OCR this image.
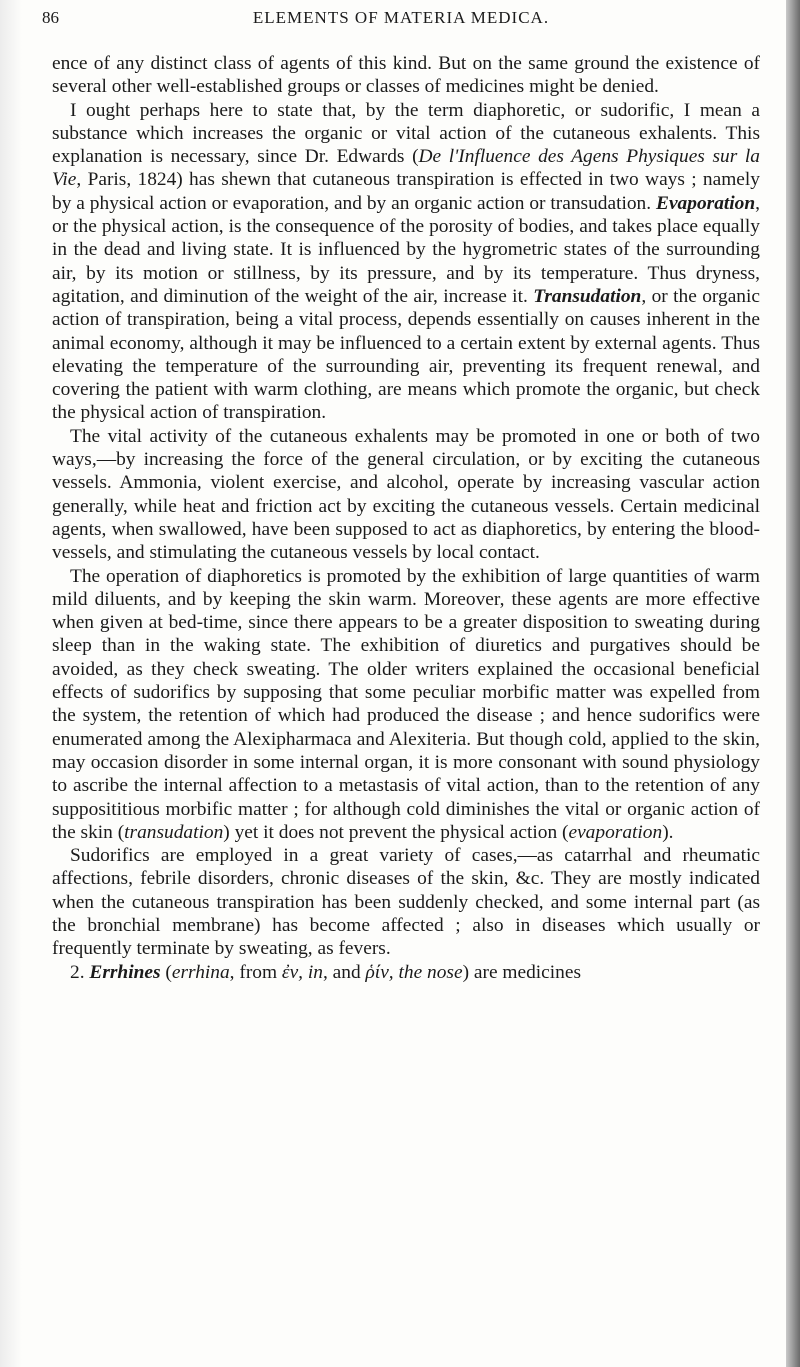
86	ELEMENTS OF MATERIA MEDICA.

ence of any distinct class of agents of this kind. But on the same ground the existence of several other well-established groups or classes of medicines might be denied.

I ought perhaps here to state that, by the term diaphoretic, or sudorific, I mean a substance which increases the organic or vital action of the cutaneous exhalents. This explanation is necessary, since Dr. Edwards (De l'Influence des Agens Physiques sur la Vie, Paris, 1824) has shewn that cutaneous transpiration is effected in two ways ; namely by a physical action or evaporation, and by an organic action or transudation. Evaporation, or the physical action, is the consequence of the porosity of bodies, and takes place equally in the dead and living state. It is influenced by the hygrometric states of the surrounding air, by its motion or stillness, by its pressure, and by its temperature. Thus dryness, agitation, and diminution of the weight of the air, increase it. Transudation, or the organic action of transpiration, being a vital process, depends essentially on causes inherent in the animal economy, although it may be influenced to a certain extent by external agents. Thus elevating the temperature of the surrounding air, preventing its frequent renewal, and covering the patient with warm clothing, are means which promote the organic, but check the physical action of transpiration.

The vital activity of the cutaneous exhalents may be promoted in one or both of two ways,—by increasing the force of the general circulation, or by exciting the cutaneous vessels. Ammonia, violent exercise, and alcohol, operate by increasing vascular action generally, while heat and friction act by exciting the cutaneous vessels. Certain medicinal agents, when swallowed, have been supposed to act as diaphoretics, by entering the blood-vessels, and stimulating the cutaneous vessels by local contact.

The operation of diaphoretics is promoted by the exhibition of large quantities of warm mild diluents, and by keeping the skin warm. Moreover, these agents are more effective when given at bed-time, since there appears to be a greater disposition to sweating during sleep than in the waking state. The exhibition of diuretics and purgatives should be avoided, as they check sweating. The older writers explained the occasional beneficial effects of sudorifics by supposing that some peculiar morbific matter was expelled from the system, the retention of which had produced the disease ; and hence sudorifics were enumerated among the Alexipharmaca and Alexiteria. But though cold, applied to the skin, may occasion disorder in some internal organ, it is more consonant with sound physiology to ascribe the internal affection to a metastasis of vital action, than to the retention of any supposititious morbific matter ; for although cold diminishes the vital or organic action of the skin (transudation) yet it does not prevent the physical action (evaporation).

Sudorifics are employed in a great variety of cases,—as catarrhal and rheumatic affections, febrile disorders, chronic diseases of the skin, &c. They are mostly indicated when the cutaneous transpiration has been suddenly checked, and some internal part (as the bronchial membrane) has become affected ; also in diseases which usually or frequently terminate by sweating, as fevers.

2. Errhines (errhina, from ἐν, in, and ῥίν, the nose) are medicines
